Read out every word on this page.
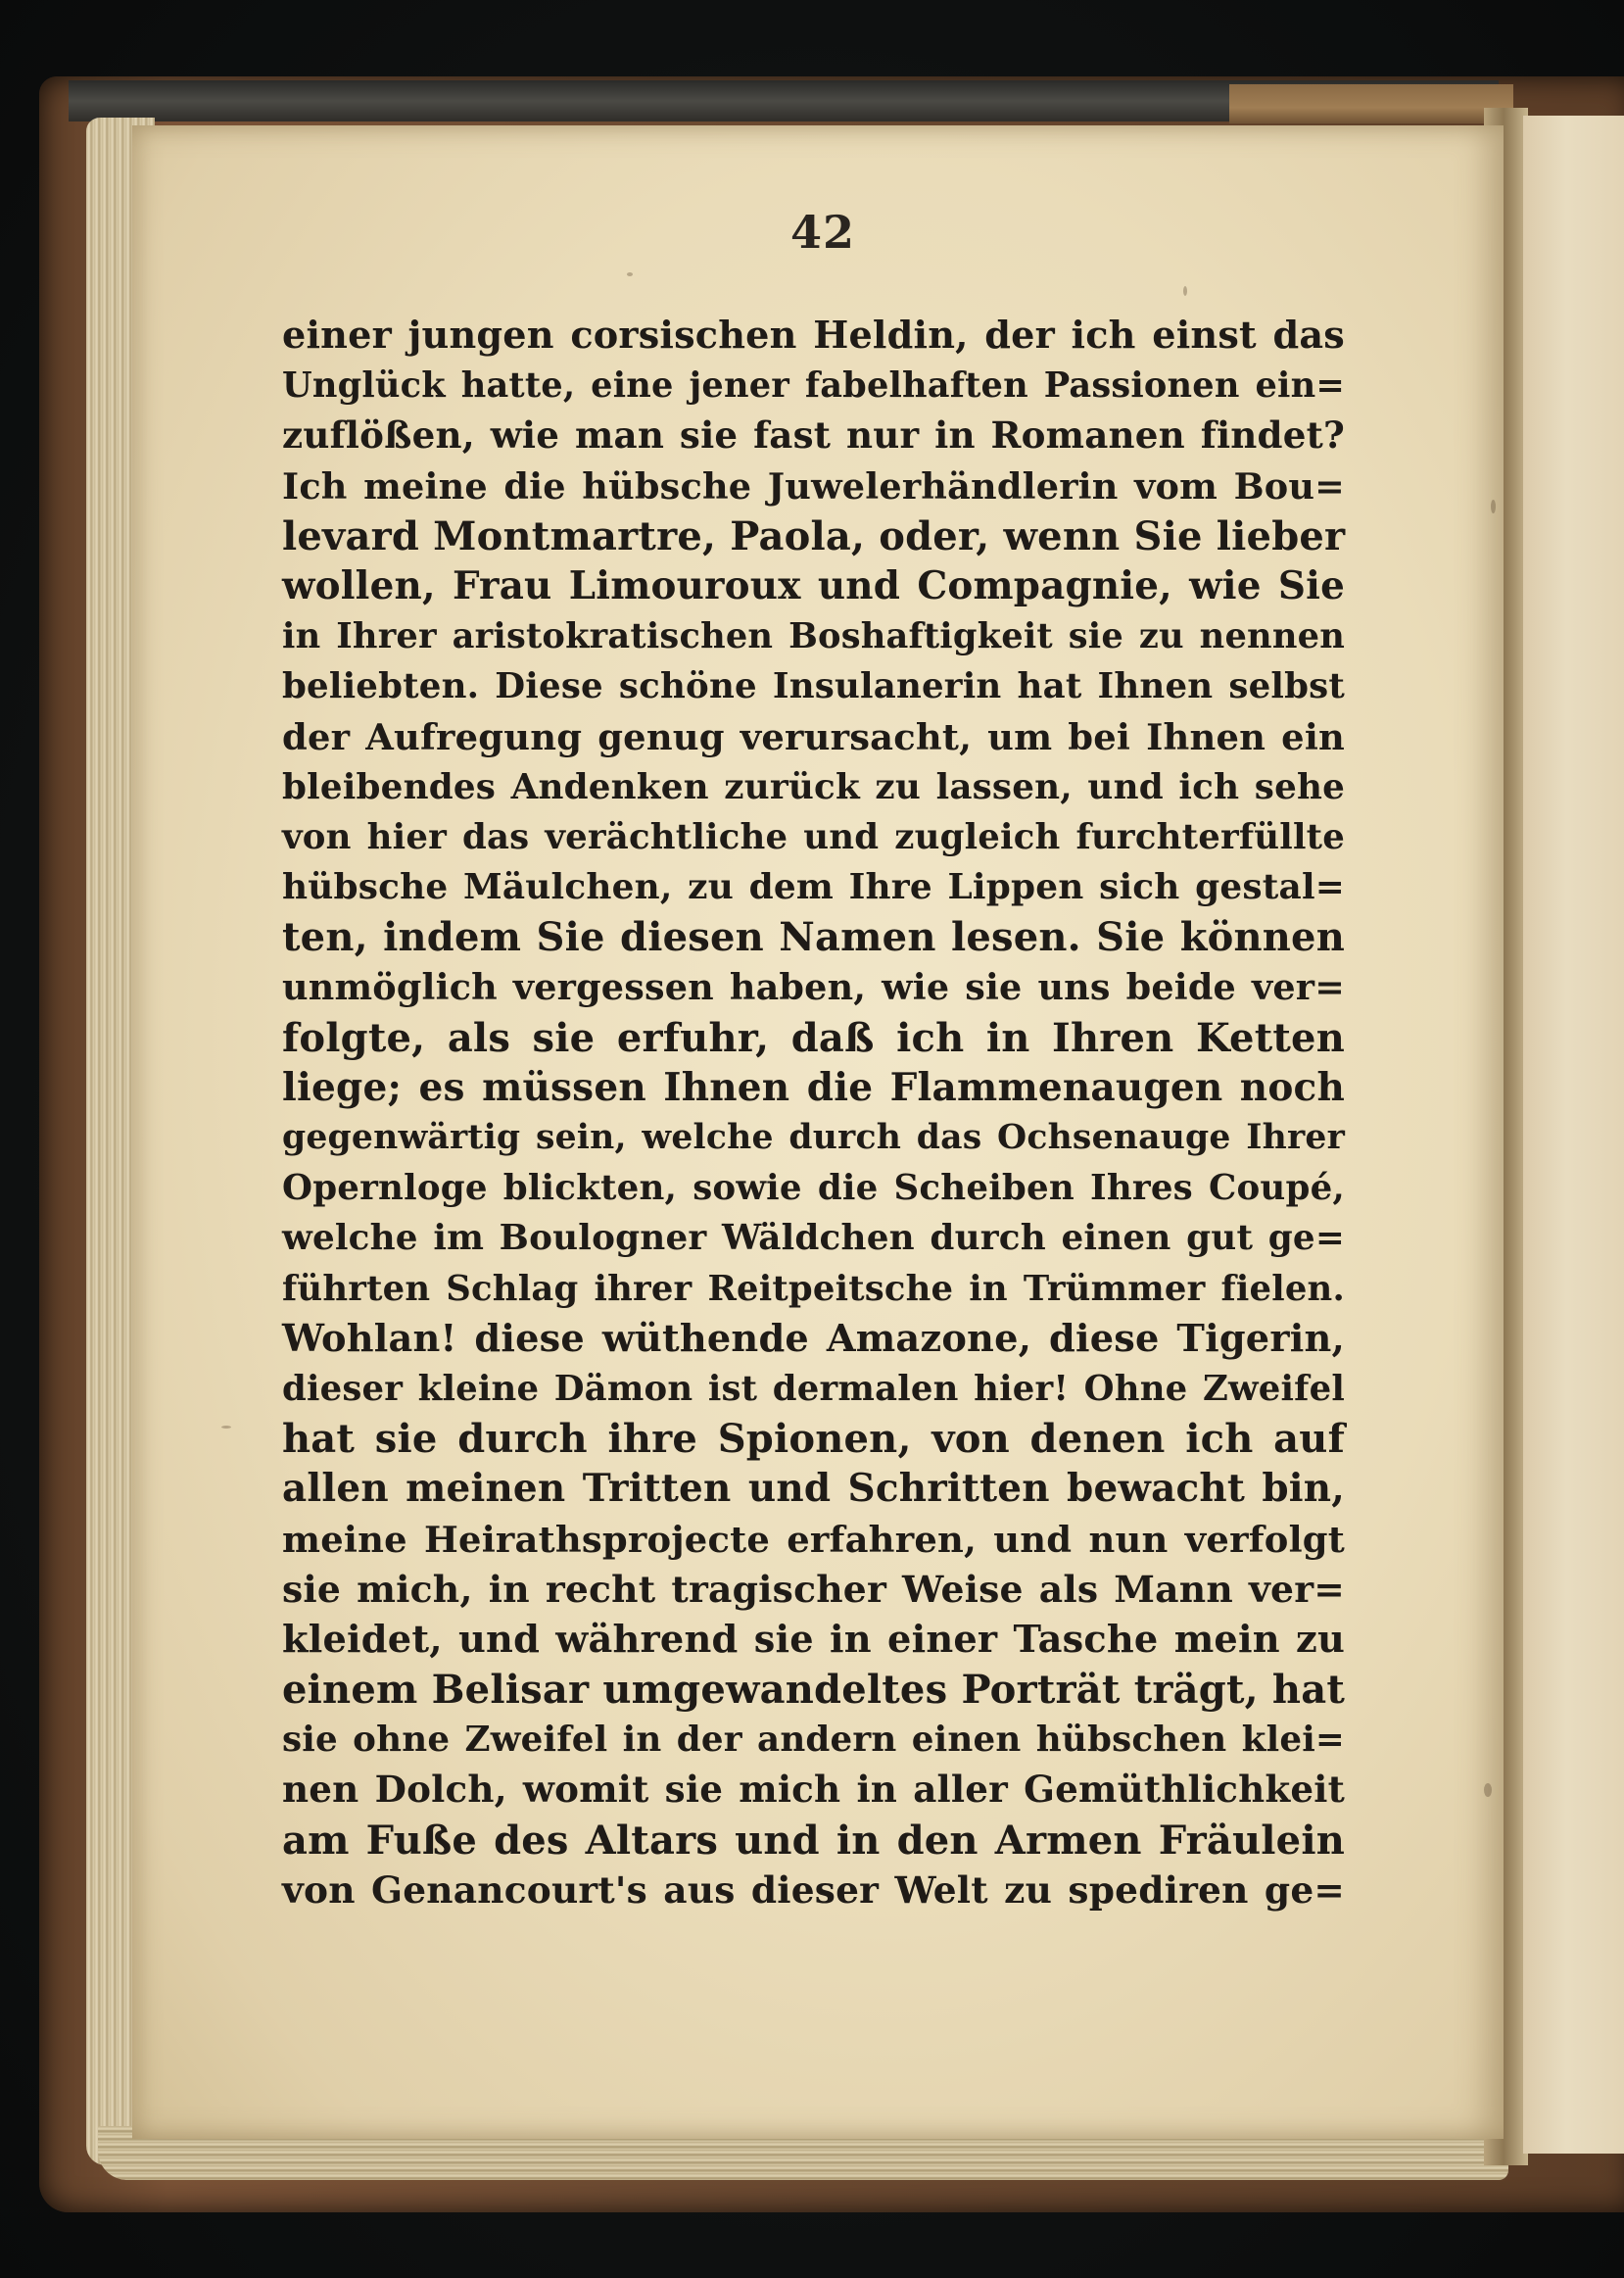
42
einer jungen corsischen Heldin, der ich einst das
Unglück hatte, eine jener fabelhaften Passionen ein=
zuflößen, wie man sie fast nur in Romanen findet?
Ich meine die hübsche Juwelerhändlerin vom Bou=
levard Montmartre, Paola, oder, wenn Sie lieber
wollen, Frau Limouroux und Compagnie, wie Sie
in Ihrer aristokratischen Boshaftigkeit sie zu nennen
beliebten. Diese schöne Insulanerin hat Ihnen selbst
der Aufregung genug verursacht, um bei Ihnen ein
bleibendes Andenken zurück zu lassen, und ich sehe
von hier das verächtliche und zugleich furchterfüllte
hübsche Mäulchen, zu dem Ihre Lippen sich gestal=
ten, indem Sie diesen Namen lesen. Sie können
unmöglich vergessen haben, wie sie uns beide ver=
folgte, als sie erfuhr, daß ich in Ihren Ketten
liege; es müssen Ihnen die Flammenaugen noch
gegenwärtig sein, welche durch das Ochsenauge Ihrer
Opernloge blickten, sowie die Scheiben Ihres Coupé,
welche im Boulogner Wäldchen durch einen gut ge=
führten Schlag ihrer Reitpeitsche in Trümmer fielen.
Wohlan! diese wüthende Amazone, diese Tigerin,
dieser kleine Dämon ist dermalen hier! Ohne Zweifel
hat sie durch ihre Spionen, von denen ich auf
allen meinen Tritten und Schritten bewacht bin,
meine Heirathsprojecte erfahren, und nun verfolgt
sie mich, in recht tragischer Weise als Mann ver=
kleidet, und während sie in einer Tasche mein zu
einem Belisar umgewandeltes Porträt trägt, hat
sie ohne Zweifel in der andern einen hübschen klei=
nen Dolch, womit sie mich in aller Gemüthlichkeit
am Fuße des Altars und in den Armen Fräulein
von Genancourt's aus dieser Welt zu spediren ge=
